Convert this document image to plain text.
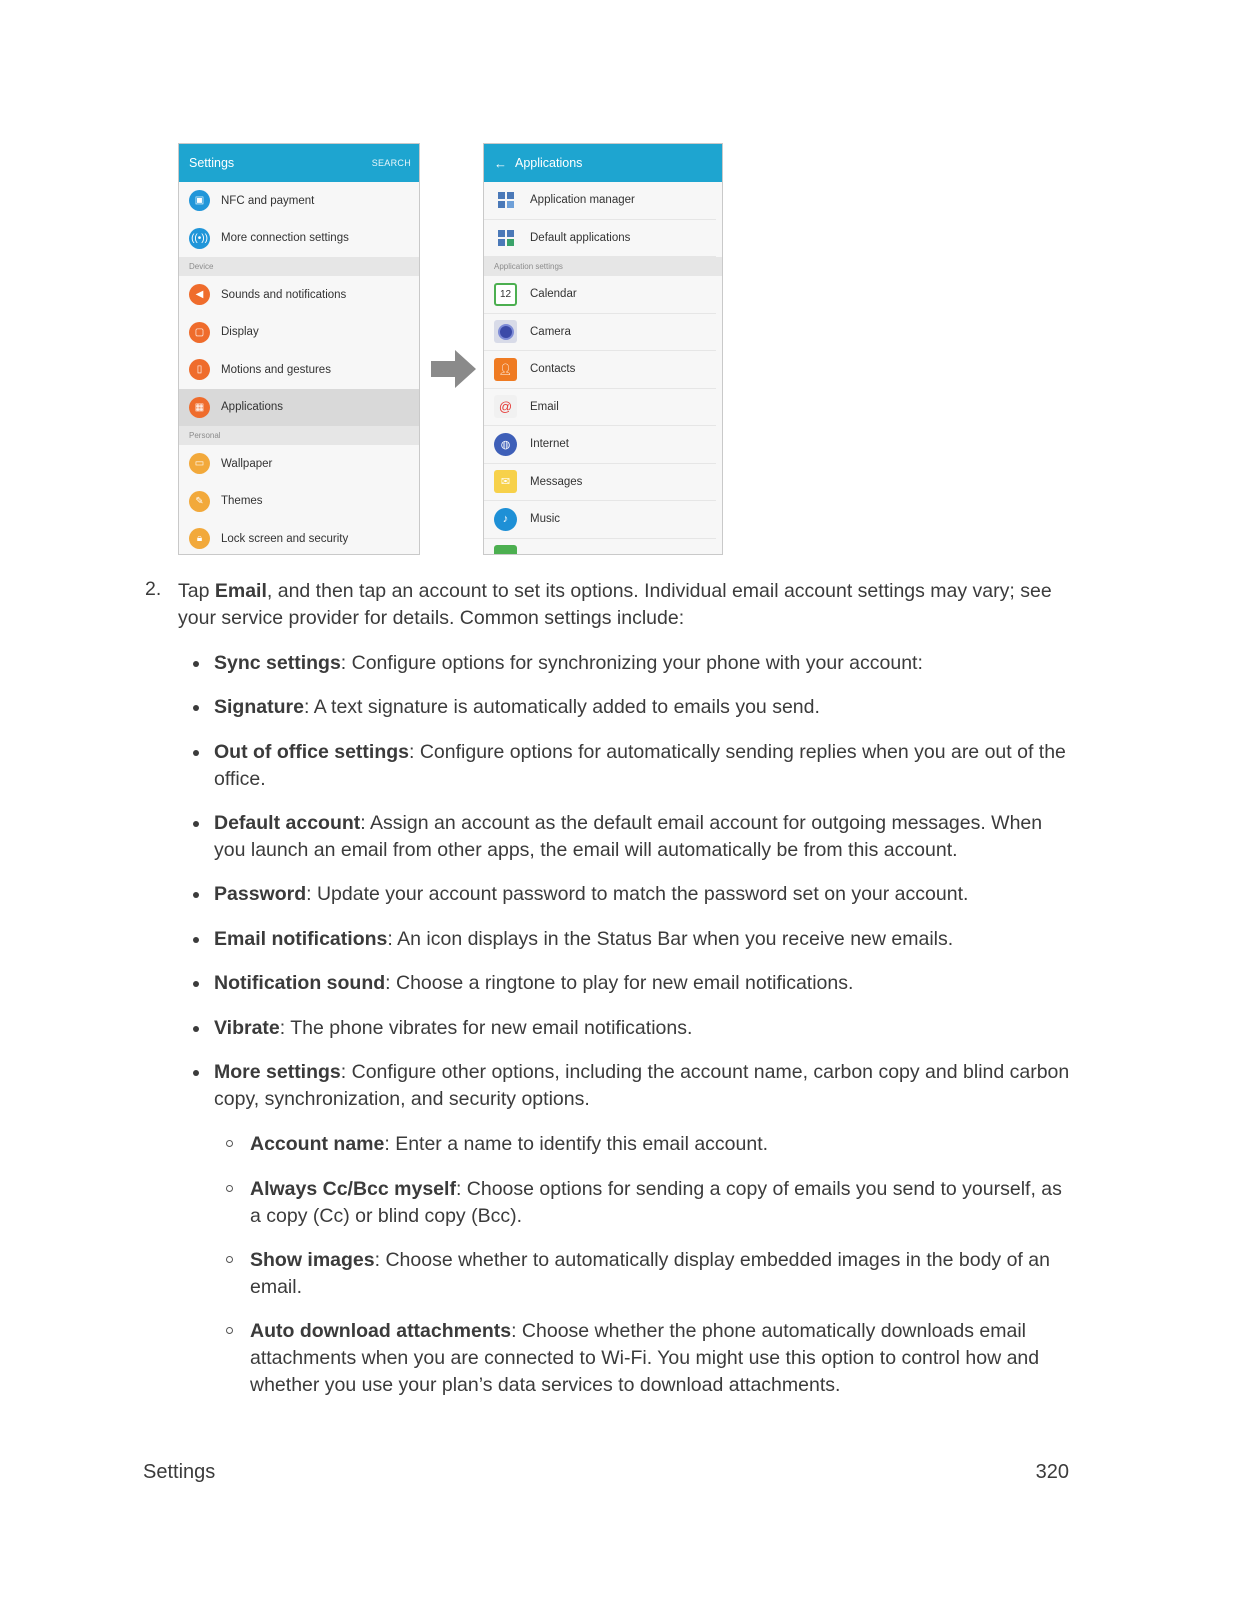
Settings	SEARCH
▣	NFC and payment
((•)) More connection settings
Device
◀	Sounds and notifications
▢	Display
▯	Motions and gestures
▦	Applications
Personal
▭	Wallpaper
✎	Themes
🔒︎	Lock screen and security
← Applications
Application manager
Default applications
Application settings
12	Calendar
Camera
👤︎	Contacts
@	Email
◍	Internet
✉	Messages
♪	Music
2. Tap Email, and then tap an account to set its options. Individual email account settings may vary; see your service provider for details. Common settings include:
Sync settings: Configure options for synchronizing your phone with your account:
Signature: A text signature is automatically added to emails you send.
Out of office settings: Configure options for automatically sending replies when you are out of the office.
Default account: Assign an account as the default email account for outgoing messages. When you launch an email from other apps, the email will automatically be from this account.
Password: Update your account password to match the password set on your account.
Email notifications: An icon displays in the Status Bar when you receive new emails.
Notification sound: Choose a ringtone to play for new email notifications.
Vibrate: The phone vibrates for new email notifications.
More settings: Configure other options, including the account name, carbon copy and blind carbon copy, synchronization, and security options.
Account name: Enter a name to identify this email account.
Always Cc/Bcc myself: Choose options for sending a copy of emails you send to yourself, as a copy (Cc) or blind copy (Bcc).
Show images: Choose whether to automatically display embedded images in the body of an email.
Auto download attachments: Choose whether the phone automatically downloads email attachments when you are connected to Wi-Fi. You might use this option to control how and whether you use your plan’s data services to download attachments.
Settings	320
